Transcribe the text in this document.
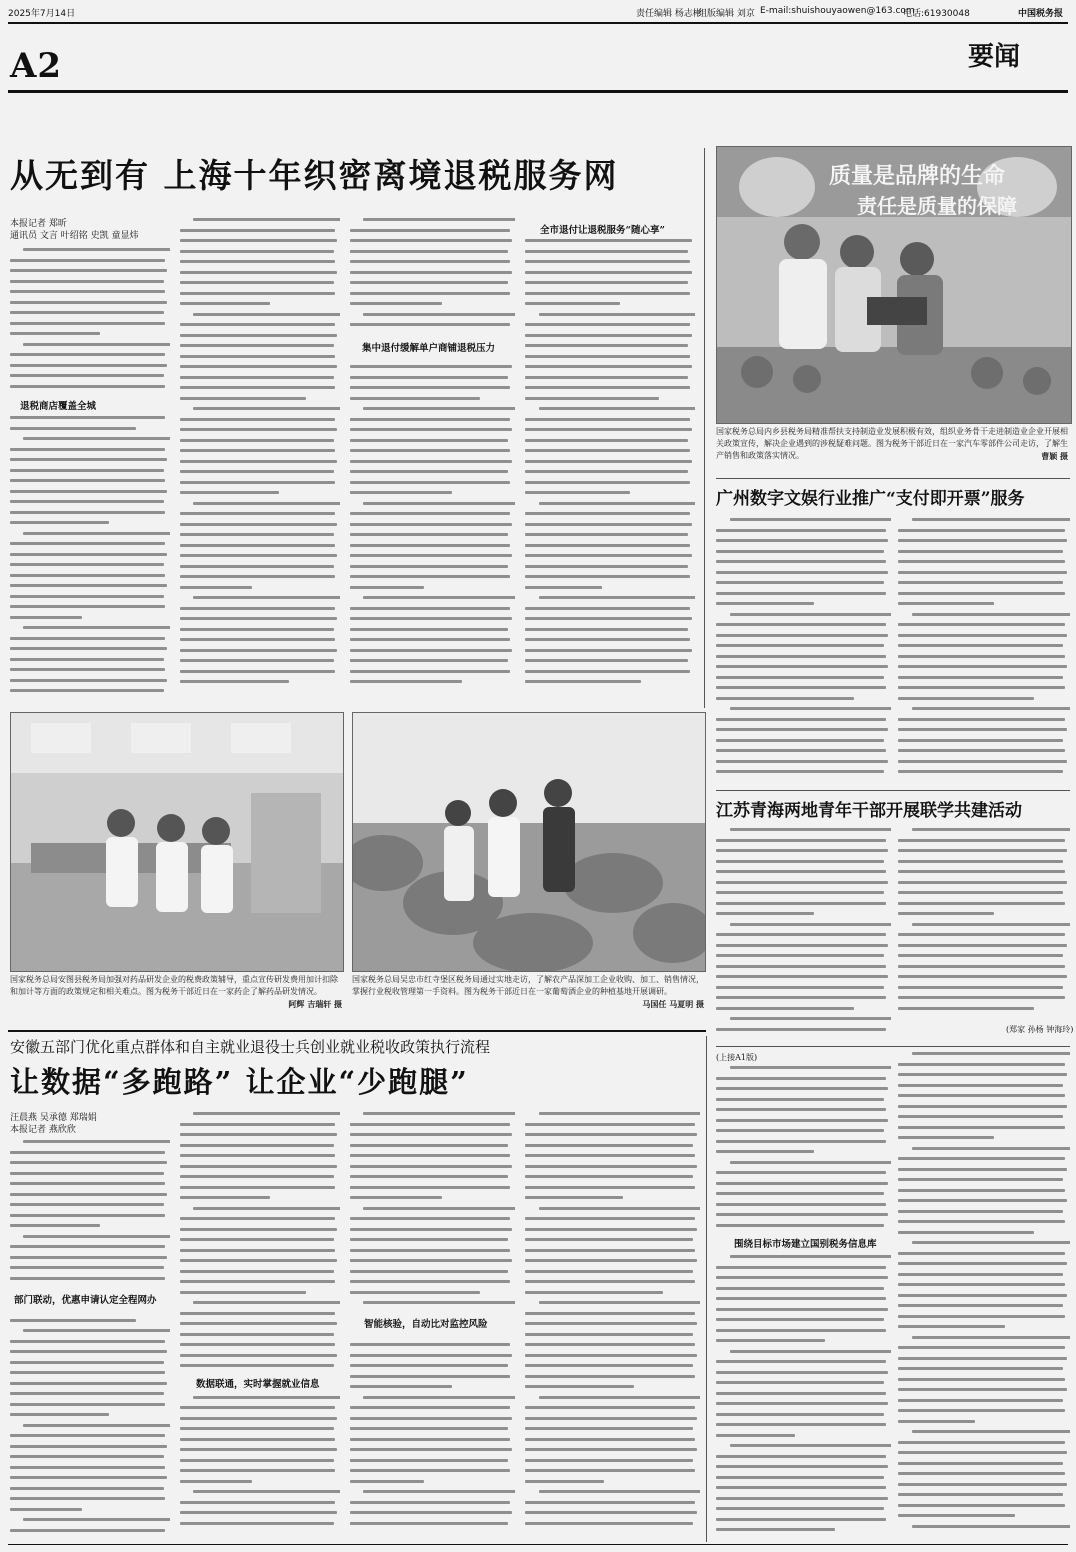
2025年7月14日	责任编辑 杨志彬
组版编辑 刘京 E-mail:shuishouyaowen@163.com
电话:61930048	中国税务报
A2	要闻
从无到有 上海十年织密离境退税服务网
本报记者 郑昕
通讯员 文言 叶绍铭 史凯 童显炜
退税商店覆盖全城
集中退付缓解单户商铺退税压力
全市退付让退税服务“随心享”
质量是品牌的生命
责任是质量的保障
国家税务总局内乡县税务局精准帮扶支持制造业发展积极有效，组织业务骨干走进制造业企业开展相关政策宣传，解决企业遇到的涉税疑难问题。图为税务干部近日在一家汽车零部件公司走访，了解生产销售和政策落实情况。	曹颖 摄
广州数字文娱行业推广“支付即开票”服务
江苏青海两地青年干部开展联学共建活动
(郑家 孙杨 钟海玲)
国家税务总局安图县税务局加强对药品研发企业的税费政策辅导，重点宣传研发费用加计扣除和加计等方面的政策规定和相关难点。图为税务干部近日在一家药企了解药品研发情况。
阿辉 吉瑞轩 摄
国家税务总局吴忠市红寺堡区税务局通过实地走访，了解农产品深加工企业收购、加工、销售情况，掌握行业税收管理第一手资料。图为税务干部近日在一家葡萄酒企业的种植基地开展调研。
马国任 马夏明 摄
安徽五部门优化重点群体和自主就业退役士兵创业就业税收政策执行流程
让数据“多跑路” 让企业“少跑腿”
汪晨燕 吴承德 郑瑞娟
本报记者 燕欣欣
部门联动，优惠申请认定全程网办
数据联通，实时掌握就业信息
智能核验，自动比对监控风险
(上接A1版)
围绕目标市场建立国别税务信息库
